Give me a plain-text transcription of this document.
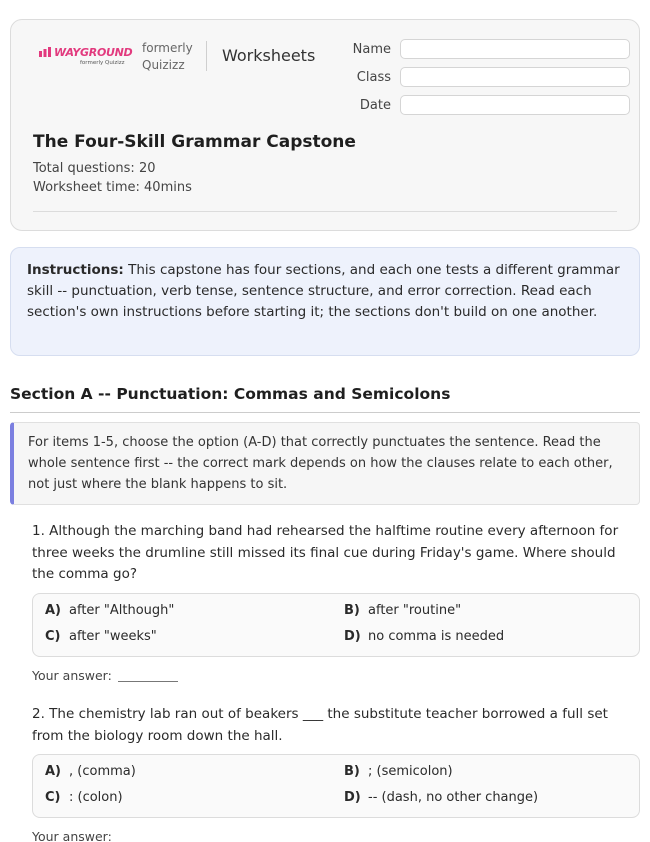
WAYGROUND
formerly Quizizz
formerly Quizizz	Worksheets	Name
Class
Date
The Four-Skill Grammar Capstone
Total questions: 20
Worksheet time: 40mins
Instructions: This capstone has four sections, and each one tests a different grammar skill -- punctuation, verb tense, sentence structure, and error correction. Read each section's own instructions before starting it; the sections don't build on one another.
Section A -- Punctuation: Commas and Semicolons
For items 1-5, choose the option (A-D) that correctly punctuates the sentence. Read the whole sentence first -- the correct mark depends on how the clauses relate to each other, not just where the blank happens to sit.
1. Although the marching band had rehearsed the halftime routine every afternoon for three weeks the drumline still missed its final cue during Friday's game. Where should the comma go?
A) after "Although"	B) after "routine"
C) after "weeks"	D) no comma is needed
Your answer:
2. The chemistry lab ran out of beakers ___ the substitute teacher borrowed a full set from the biology room down the hall.
A) , (comma)	B) ; (semicolon)
C) : (colon)	D) -- (dash, no other change)
Your answer:
